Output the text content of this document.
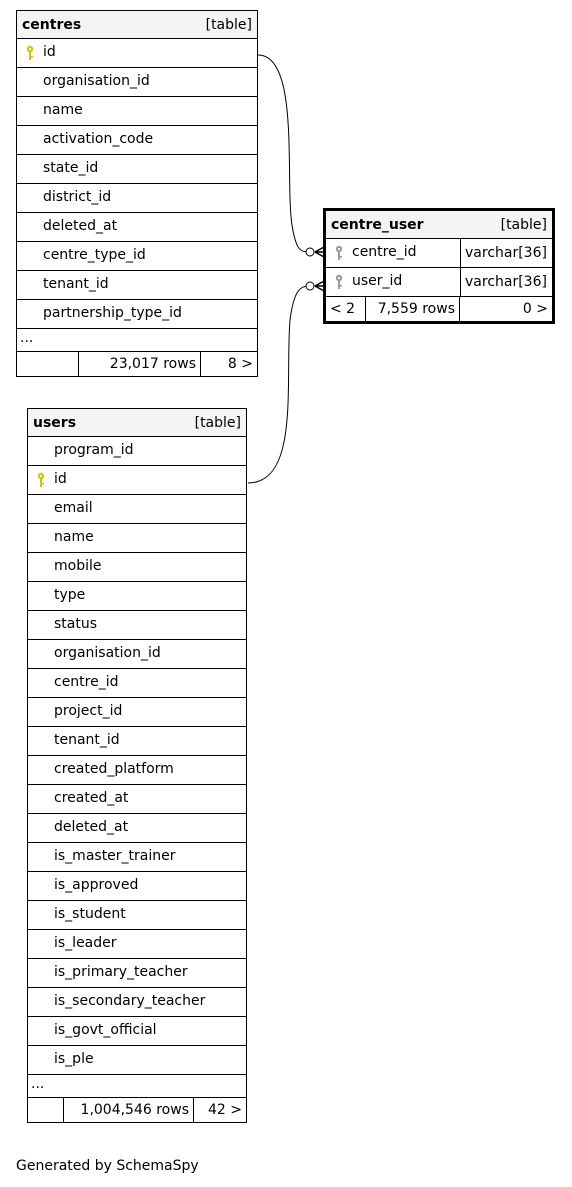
centres	[table]
id
organisation_id
name
activation_code
state_id
district_id
deleted_at
centre_type_id
tenant_id
partnership_type_id
...
23,017 rows	8 >
centre_user	[table]
centre_id	varchar[36]
user_id	varchar[36]
< 2	7,559 rows	0 >
users	[table]
program_id
id
email
name
mobile
type
status
organisation_id
centre_id
project_id
tenant_id
created_platform
created_at
deleted_at
is_master_trainer
is_approved
is_student
is_leader
is_primary_teacher
is_secondary_teacher
is_govt_official
is_ple
...
1,004,546 rows	42 >
Generated by SchemaSpy
